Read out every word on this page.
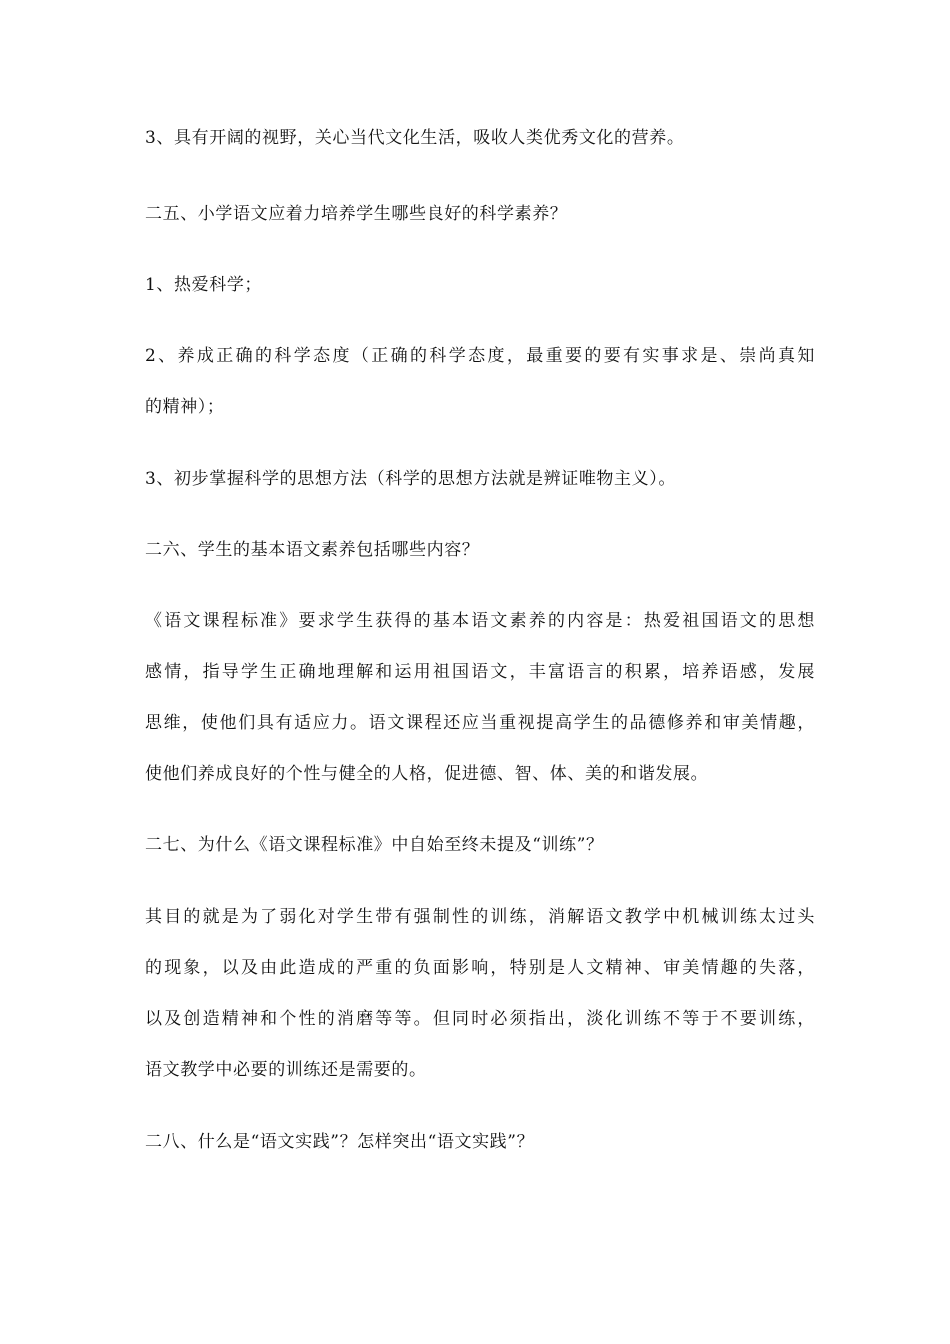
3、具有开阔的视野，关心当代文化生活，吸收人类优秀文化的营养。

二五、小学语文应着力培养学生哪些良好的科学素养？

1、热爱科学；

2、养成正确的科学态度（正确的科学态度，最重要的要有实事求是、崇尚真知
的精神）；

3、初步掌握科学的思想方法（科学的思想方法就是辨证唯物主义）。

二六、学生的基本语文素养包括哪些内容？

《语文课程标准》要求学生获得的基本语文素养的内容是：热爱祖国语文的思想
感情，指导学生正确地理解和运用祖国语文，丰富语言的积累，培养语感，发展
思维，使他们具有适应力。语文课程还应当重视提高学生的品德修养和审美情趣，
使他们养成良好的个性与健全的人格，促进德、智、体、美的和谐发展。

二七、为什么《语文课程标准》中自始至终未提及“训练”？

其目的就是为了弱化对学生带有强制性的训练，消解语文教学中机械训练太过头
的现象，以及由此造成的严重的负面影响，特别是人文精神、审美情趣的失落，
以及创造精神和个性的消磨等等。但同时必须指出，淡化训练不等于不要训练，
语文教学中必要的训练还是需要的。

二八、什么是“语文实践”？怎样突出“语文实践”？
